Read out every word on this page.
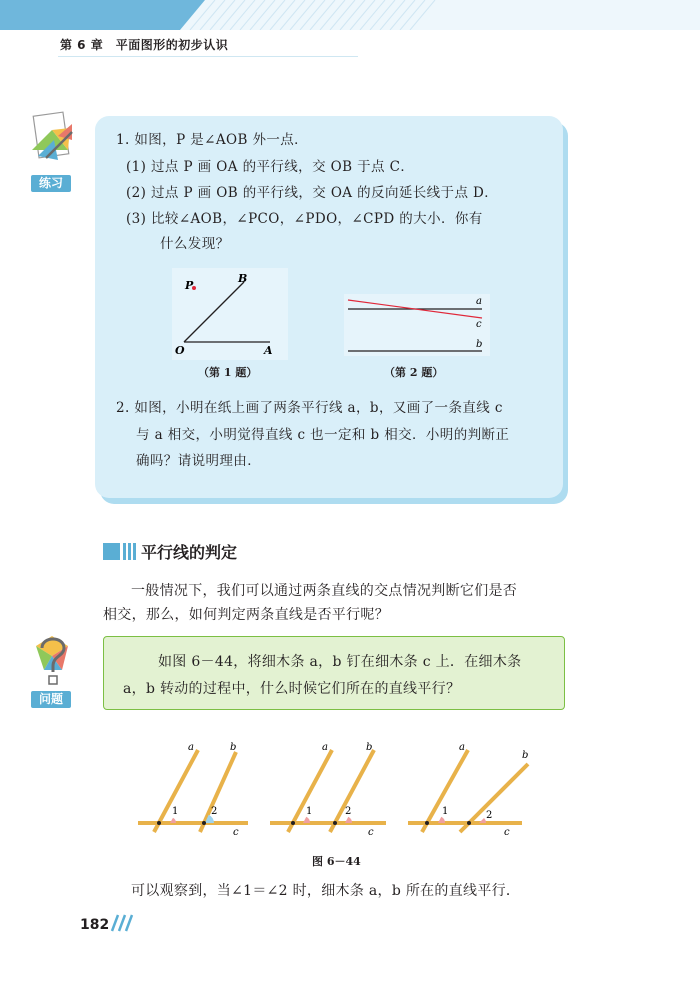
第 6 章　平面图形的初步认识
练习
1. 如图，P 是∠AOB 外一点．
(1) 过点 P 画 OA 的平行线，交 OB 于点 C．
(2) 过点 P 画 OB 的平行线，交 OA 的反向延长线于点 D．
(3) 比较∠AOB，∠PCO，∠PDO，∠CPD 的大小．你有
什么发现？
P
B
O	A
（第 1 题）
a
c
b
（第 2 题）
2. 如图，小明在纸上画了两条平行线 a，b，又画了一条直线 c
与 a 相交，小明觉得直线 c 也一定和 b 相交．小明的判断正
确吗？请说明理由．
平行线的判定
一般情况下，我们可以通过两条直线的交点情况判断它们是否
相交，那么，如何判定两条直线是否平行呢？
问题
如图 6－44，将细木条 a，b 钉在细木条 c 上．在细木条
a，b 转动的过程中，什么时候它们所在的直线平行？
1	2
a	b
c
1	2
a	b
c
1	2
a
b
c
图 6－44
可以观察到，当∠1＝∠2 时，细木条 a，b 所在的直线平行．
182
